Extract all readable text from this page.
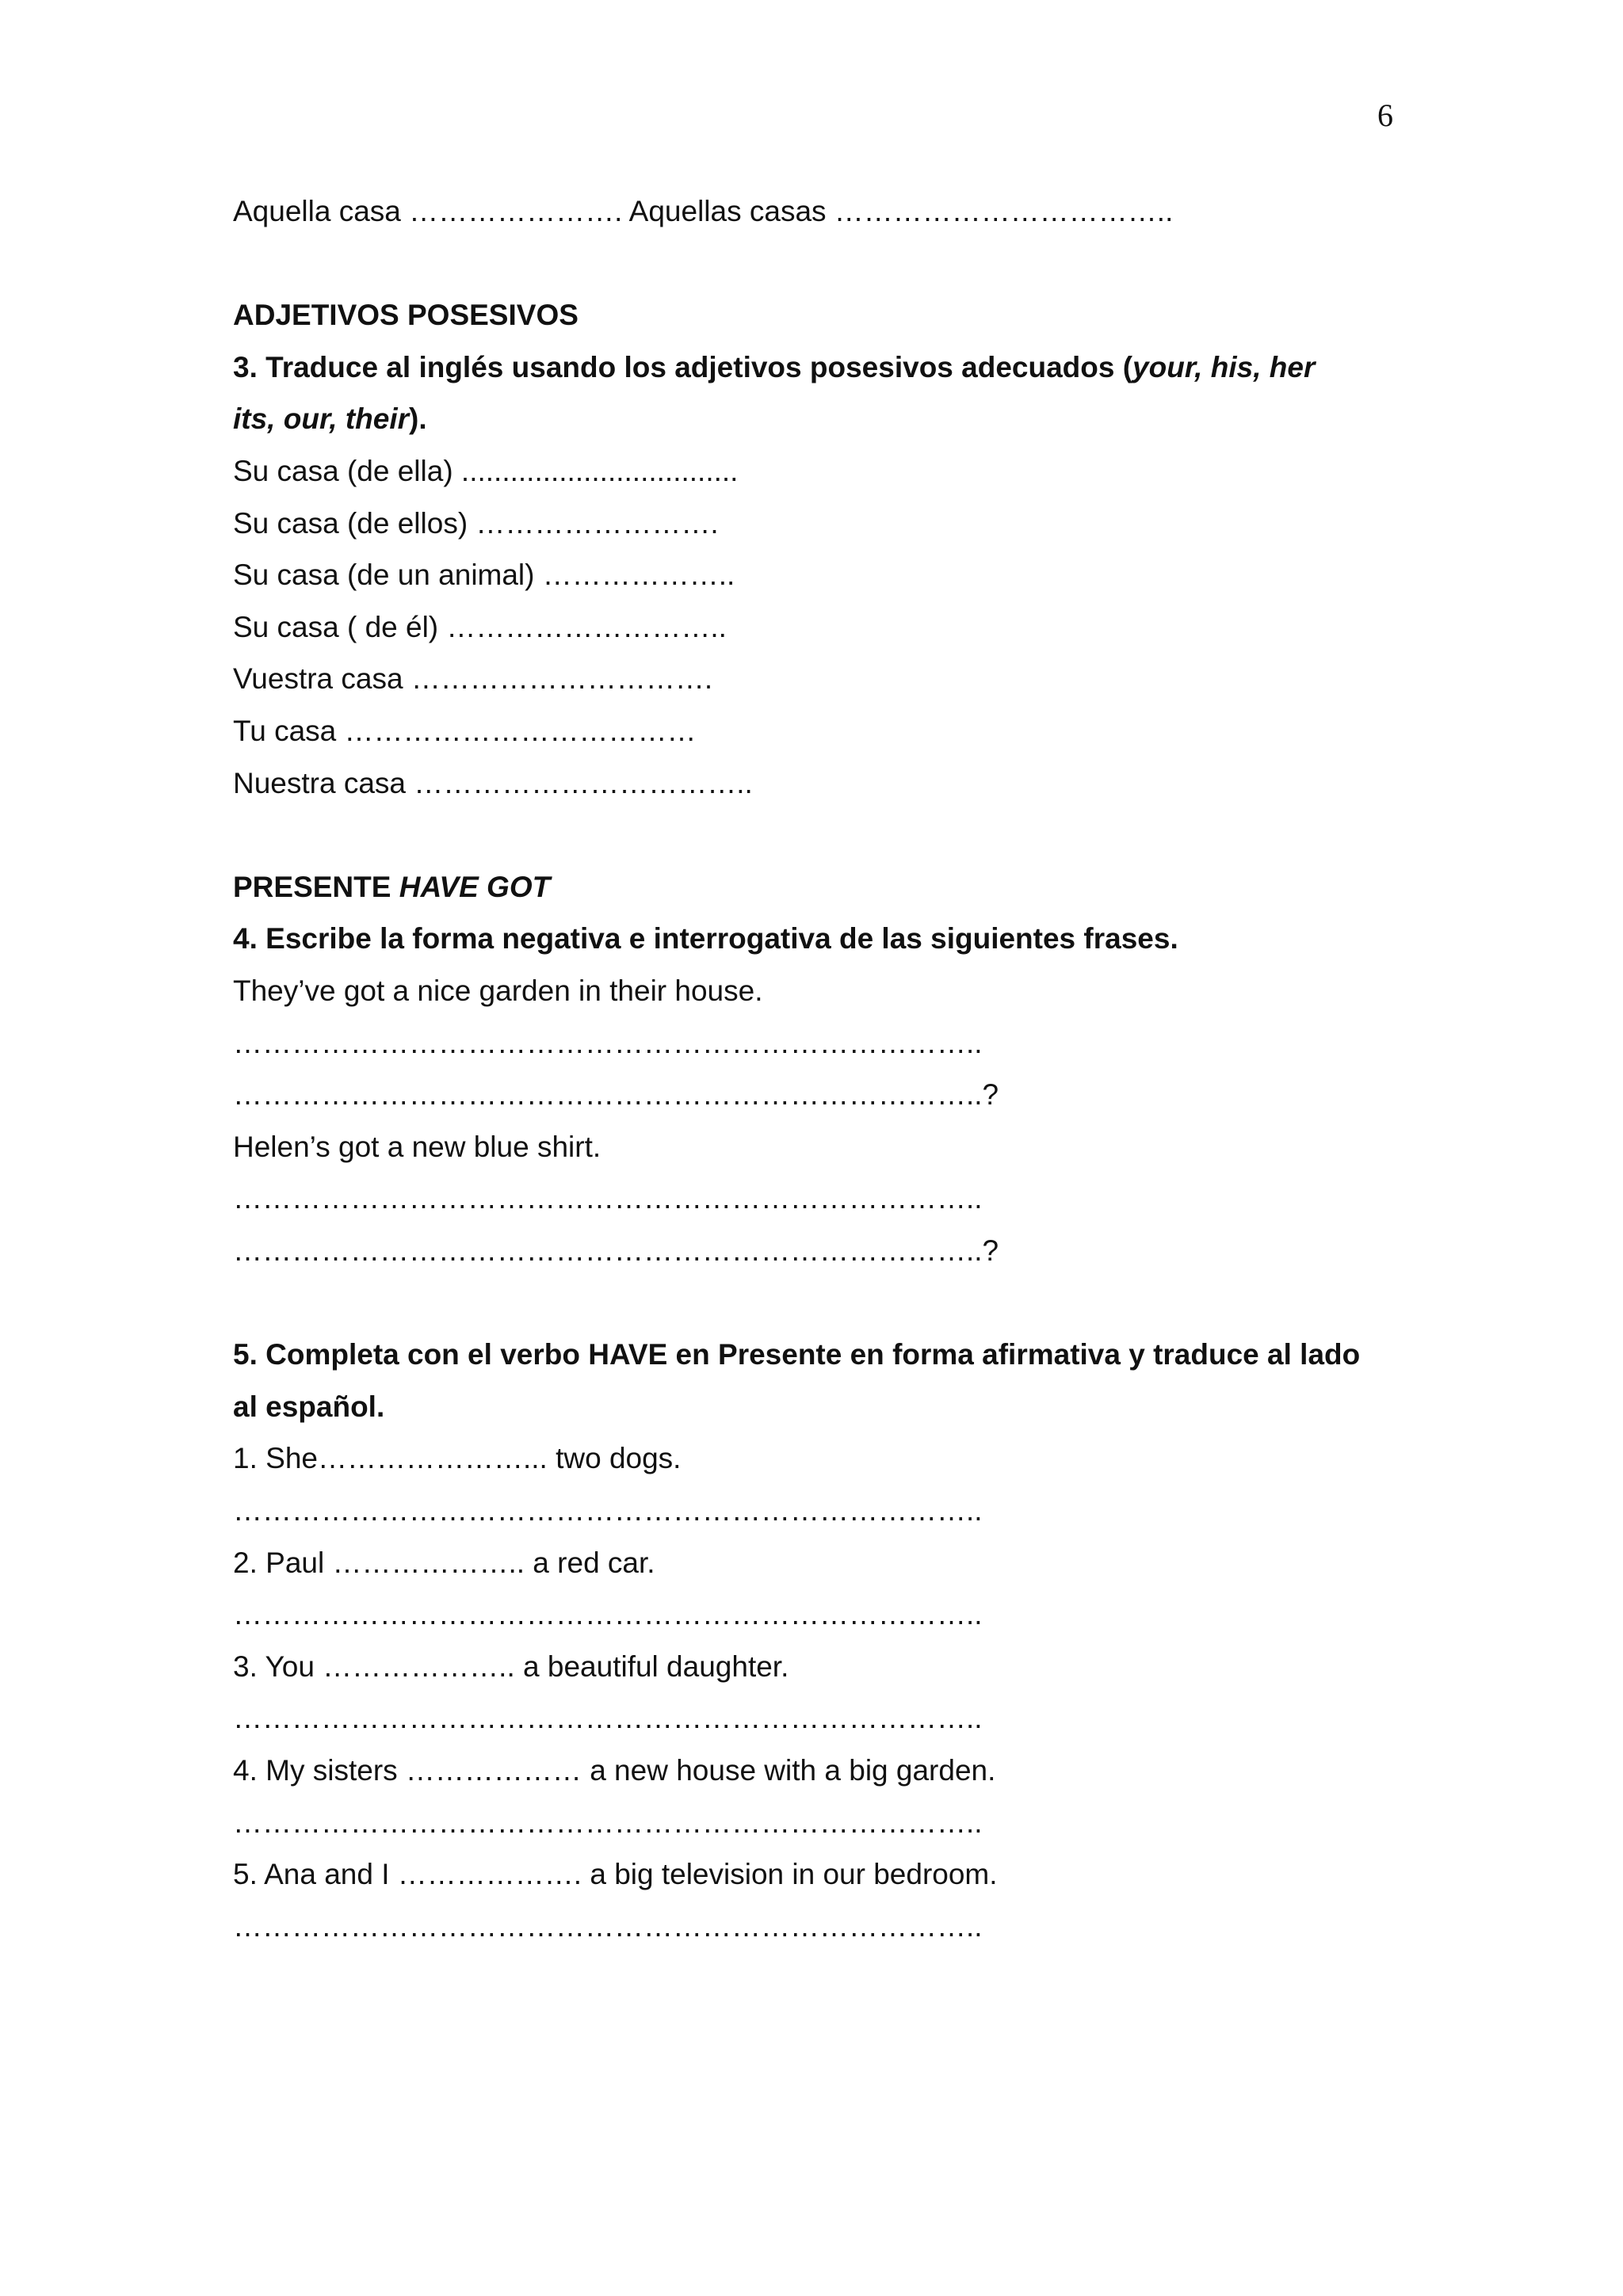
6

Aquella casa …………………. Aquellas casas ……………………………..

ADJETIVOS POSESIVOS

3. Traduce al inglés usando los adjetivos posesivos adecuados (your, his, her

its, our, their).

Su casa (de ella) ..................................

Su casa (de ellos) …………………….

Su casa (de un animal) ………………..

Su casa ( de él) ………………………..

Vuestra casa ………………………….

Tu casa ………………………………

Nuestra casa ……………………………..

PRESENTE HAVE GOT

4. Escribe la forma negativa e interrogativa de las siguientes frases.

They’ve got a nice garden in their house.

…………………………………………………………………..

…………………………………………………………………..?

Helen’s got a new blue shirt.

…………………………………………………………………..

…………………………………………………………………..?

5. Completa con el verbo HAVE en Presente en forma afirmativa y traduce al lado

al español.

1. She…………………... two dogs.

…………………………………………………………………..

2. Paul ……………….. a red car.

…………………………………………………………………..

3. You ……………….. a beautiful daughter.

…………………………………………………………………..

4. My sisters ……………… a new house with a big garden.

…………………………………………………………………..

5. Ana and I ………………. a big television in our bedroom.

…………………………………………………………………..
